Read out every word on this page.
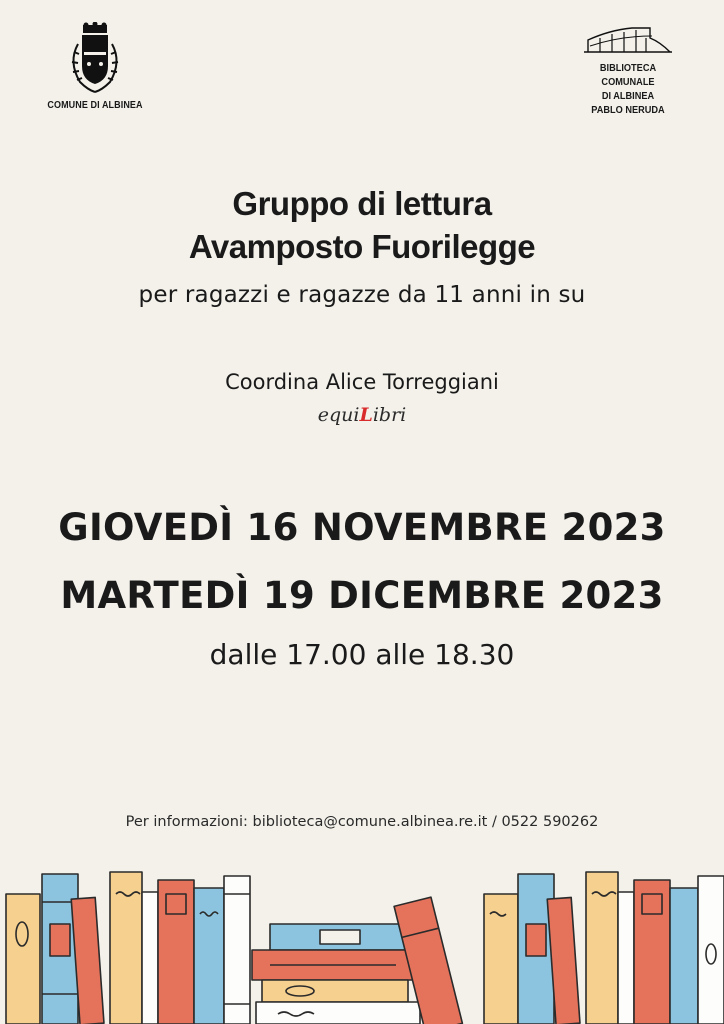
COMUNE DI ALBINEA
BIBLIOTECA COMUNALE
DI ALBINEA
PABLO NERUDA
Gruppo di lettura
Avamposto Fuorilegge
per ragazzi e ragazze da 11 anni in su
Coordina Alice Torreggiani
equiLibri
GIOVEDÌ 16 NOVEMBRE 2023
MARTEDÌ 19 DICEMBRE 2023
dalle 17.00 alle 18.30
Per informazioni: biblioteca@comune.albinea.re.it / 0522 590262
